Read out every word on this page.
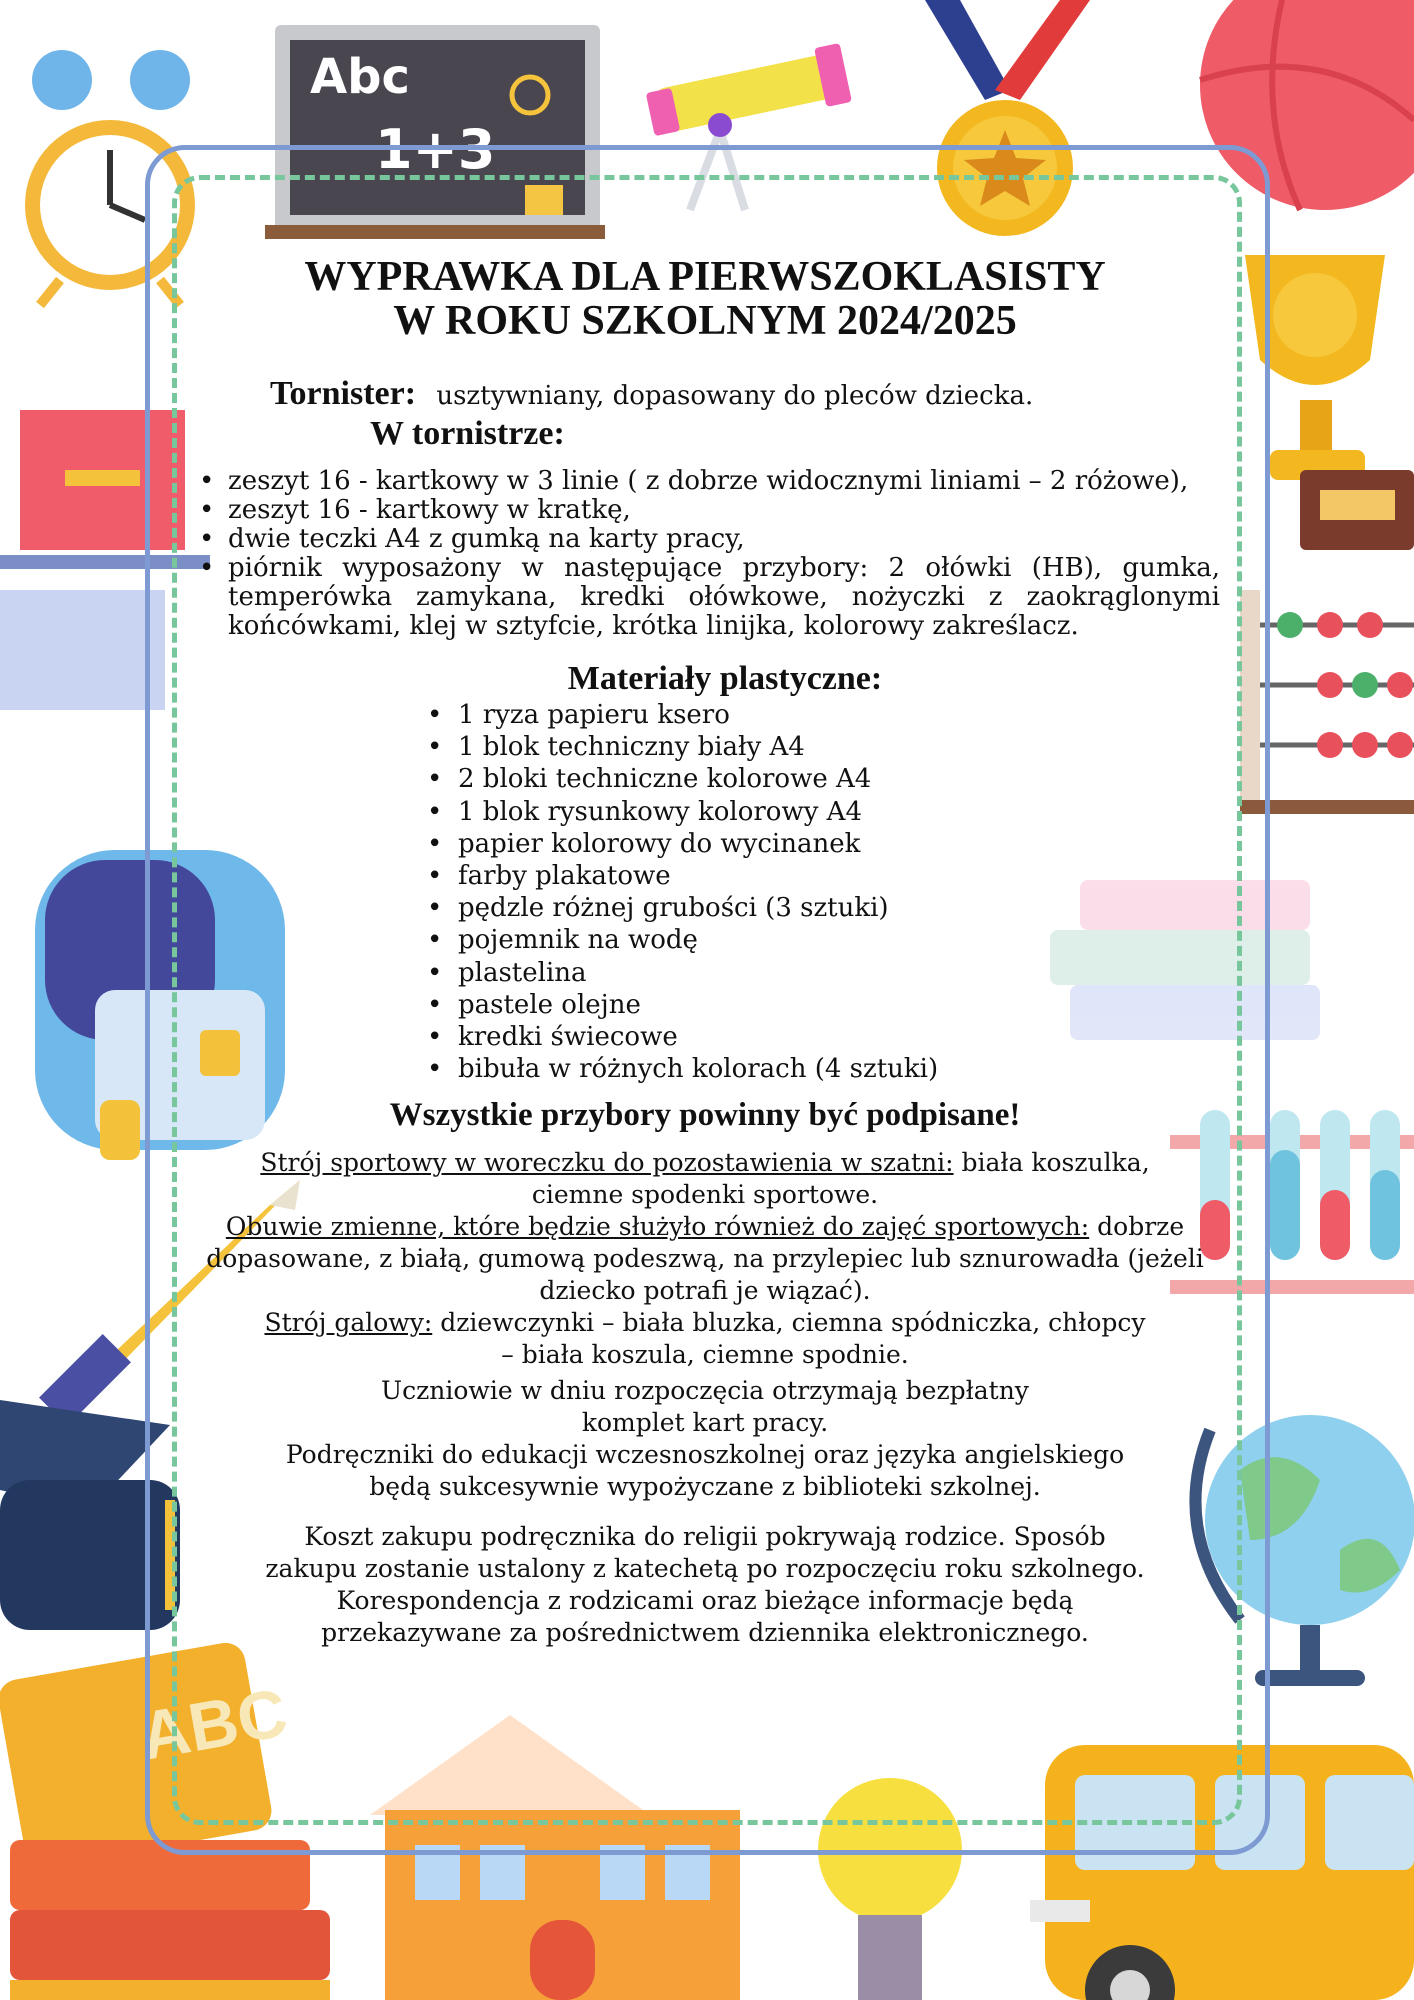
ABC
Abc
1+3
WYPRAWKA DLA PIERWSZOKLASISTY
W ROKU SZKOLNYM 2024/2025
Tornister: usztywniany, dopasowany do pleców dziecka.
W tornistrze:
• zeszyt 16 - kartkowy w 3 linie ( z dobrze widocznymi liniami – 2 różowe),
• zeszyt 16 - kartkowy w kratkę,
• dwie teczki A4 z gumką na karty pracy,
• piórnik wyposażony w następujące przybory: 2 ołówki (HB), gumka, temperówka zamykana, kredki ołówkowe, nożyczki z zaokrąglonymi końcówkami, klej w sztyfcie, krótka linijka, kolorowy zakreślacz.
Materiały plastyczne:
• 1 ryza papieru ksero
• 1 blok techniczny biały A4
• 2 bloki techniczne kolorowe A4
• 1 blok rysunkowy kolorowy A4
• papier kolorowy do wycinanek
• farby plakatowe
• pędzle różnej grubości (3 sztuki)
• pojemnik na wodę
• plastelina
• pastele olejne
• kredki świecowe
• bibuła w różnych kolorach (4 sztuki)
Wszystkie przybory powinny być podpisane!
Strój sportowy w woreczku do pozostawienia w szatni: biała koszulka, ciemne spodenki sportowe.
Obuwie zmienne, które będzie służyło również do zajęć sportowych: dobrze dopasowane, z białą, gumową podeszwą, na przylepiec lub sznurowadła (jeżeli dziecko potrafi je wiązać).
Strój galowy: dziewczynki – biała bluzka, ciemna spódniczka, chłopcy – biała koszula, ciemne spodnie.
Uczniowie w dniu rozpoczęcia otrzymają bezpłatny
komplet kart pracy.
Podręczniki do edukacji wczesnoszkolnej oraz języka angielskiego
będą sukcesywnie wypożyczane z biblioteki szkolnej.
Koszt zakupu podręcznika do religii pokrywają rodzice. Sposób
zakupu zostanie ustalony z katechetą po rozpoczęciu roku szkolnego.
Korespondencja z rodzicami oraz bieżące informacje będą
przekazywane za pośrednictwem dziennika elektronicznego.
